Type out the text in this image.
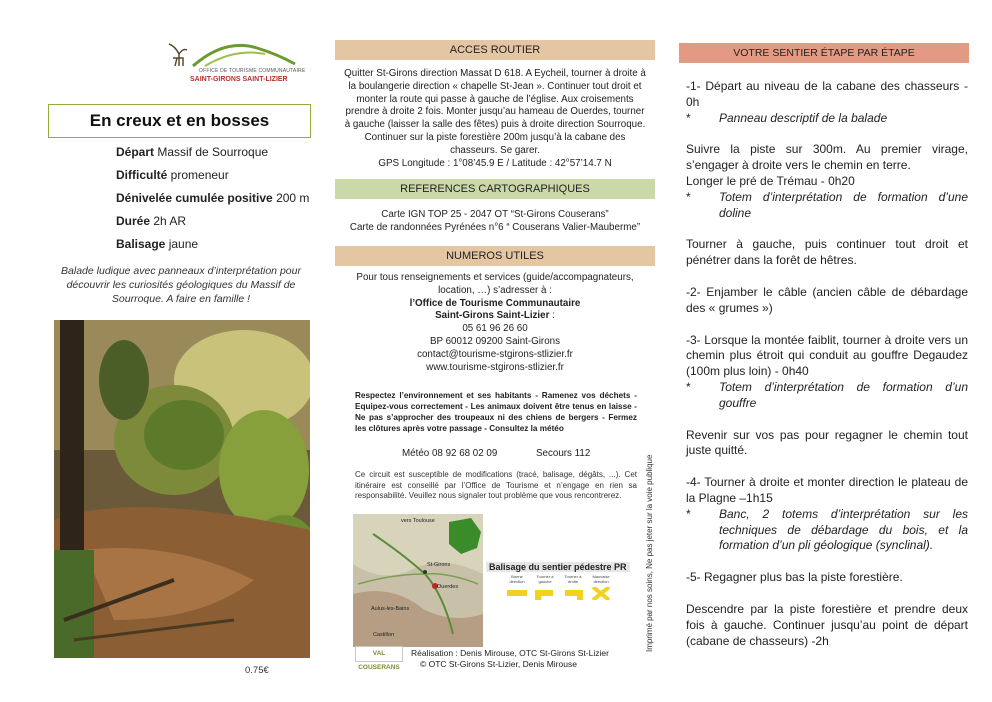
OFFICE DE TOURISME COMMUNAUTAIRE
SAINT-GIRONS SAINT-LIZIER
En creux et en bosses
Départ Massif de Sourroque
Difficulté promeneur
Dénivelée cumulée positive 200 m
Durée 2h AR
Balisage jaune
Balade ludique avec panneaux d’interprétation pour découvrir les curiosités géologiques du Massif de Sourroque. A faire en famille !
0.75€
ACCES ROUTIER
Quitter St-Girons direction Massat D 618. A Eycheil, tourner à droite à la boulangerie direction « chapelle St-Jean ». Continuer tout droit et monter la route qui passe à gauche de l’église. Aux croisements prendre à droite 2 fois. Monter jusqu’au hameau de Ouerdes, tourner à gauche (laisser la salle des fêtes) puis à droite direction Sourroque. Continuer sur la piste forestière 200m jusqu’à la cabane des chasseurs. Se garer.
GPS Longitude : 1°08’45.9 E / Latitude : 42°57’14.7 N
REFERENCES CARTOGRAPHIQUES
Carte IGN TOP 25 - 2047 OT “St-Girons Couserans”
Carte de randonnées Pyrénées n°6 “ Couserans Valier-Mauberme”
NUMEROS UTILES
Pour tous renseignements et services (guide/accompagnateurs, location, …) s’adresser à :
l’Office de Tourisme Communautaire
Saint-Girons Saint-Lizier :
05 61 96 26 60
BP 60012 09200 Saint-Girons
contact@tourisme-stgirons-stlizier.fr
www.tourisme-stgirons-stlizier.fr
Respectez l’environnement et ses habitants - Ramenez vos déchets - Equipez-vous correctement - Les animaux doivent être tenus en laisse - Ne pas s’approcher des troupeaux ni des chiens de bergers - Fermez les clôtures après votre passage - Consultez la météo
Météo 08 92 68 02 09	Secours 112
Ce circuit est susceptible de modifications (tracé, balisage, dégâts, ...). Cet itinéraire est conseillé par l’Office de Tourisme et n’engage en rien sa responsabilité. Veuillez nous signaler tout problème que vous rencontrerez.	Imprimé par nos soins, Ne pas jeter sur la voie publique
vers Toulouse
St-Girons
Ouerdes
Aulus-les-Bains
Castillon
Balisage du sentier pédestre PR
Bonne direction
Tourner à gauche
Tourner à droite
Mauvaise direction
VAL COUSERANS
Réalisation : Denis Mirouse, OTC St-Girons St-Lizier
© OTC St-Girons St-Lizier, Denis Mirouse
VOTRE SENTIER ÉTAPE PAR ÉTAPE

-1- Départ au niveau de la cabane des chasseurs - 0h

* Panneau descriptif de la balade

Suivre la piste sur 300m. Au premier virage, s’engager à droite vers le chemin en terre.
Longer le pré de Trémau - 0h20

* Totem d’interprétation de formation d’une doline

Tourner à gauche, puis continuer tout droit et pénétrer dans la forêt de hêtres.

-2- Enjamber le câble (ancien câble de débardage des « grumes »)

-3- Lorsque la montée faiblit, tourner à droite vers un chemin plus étroit qui conduit au gouffre Degaudez (100m plus loin) - 0h40

* Totem d’interprétation de formation d’un gouffre

Revenir sur vos pas pour regagner le chemin tout juste quitté.

-4- Tourner à droite et monter direction le plateau de la Plagne –1h15

* Banc, 2 totems d’interprétation sur les techniques de débardage du bois, et la formation d’un pli géologique (synclinal).

-5- Regagner plus bas la piste forestière.

Descendre par la piste forestière et prendre deux fois à gauche. Continuer jusqu’au point de départ (cabane de chasseurs) -2h
